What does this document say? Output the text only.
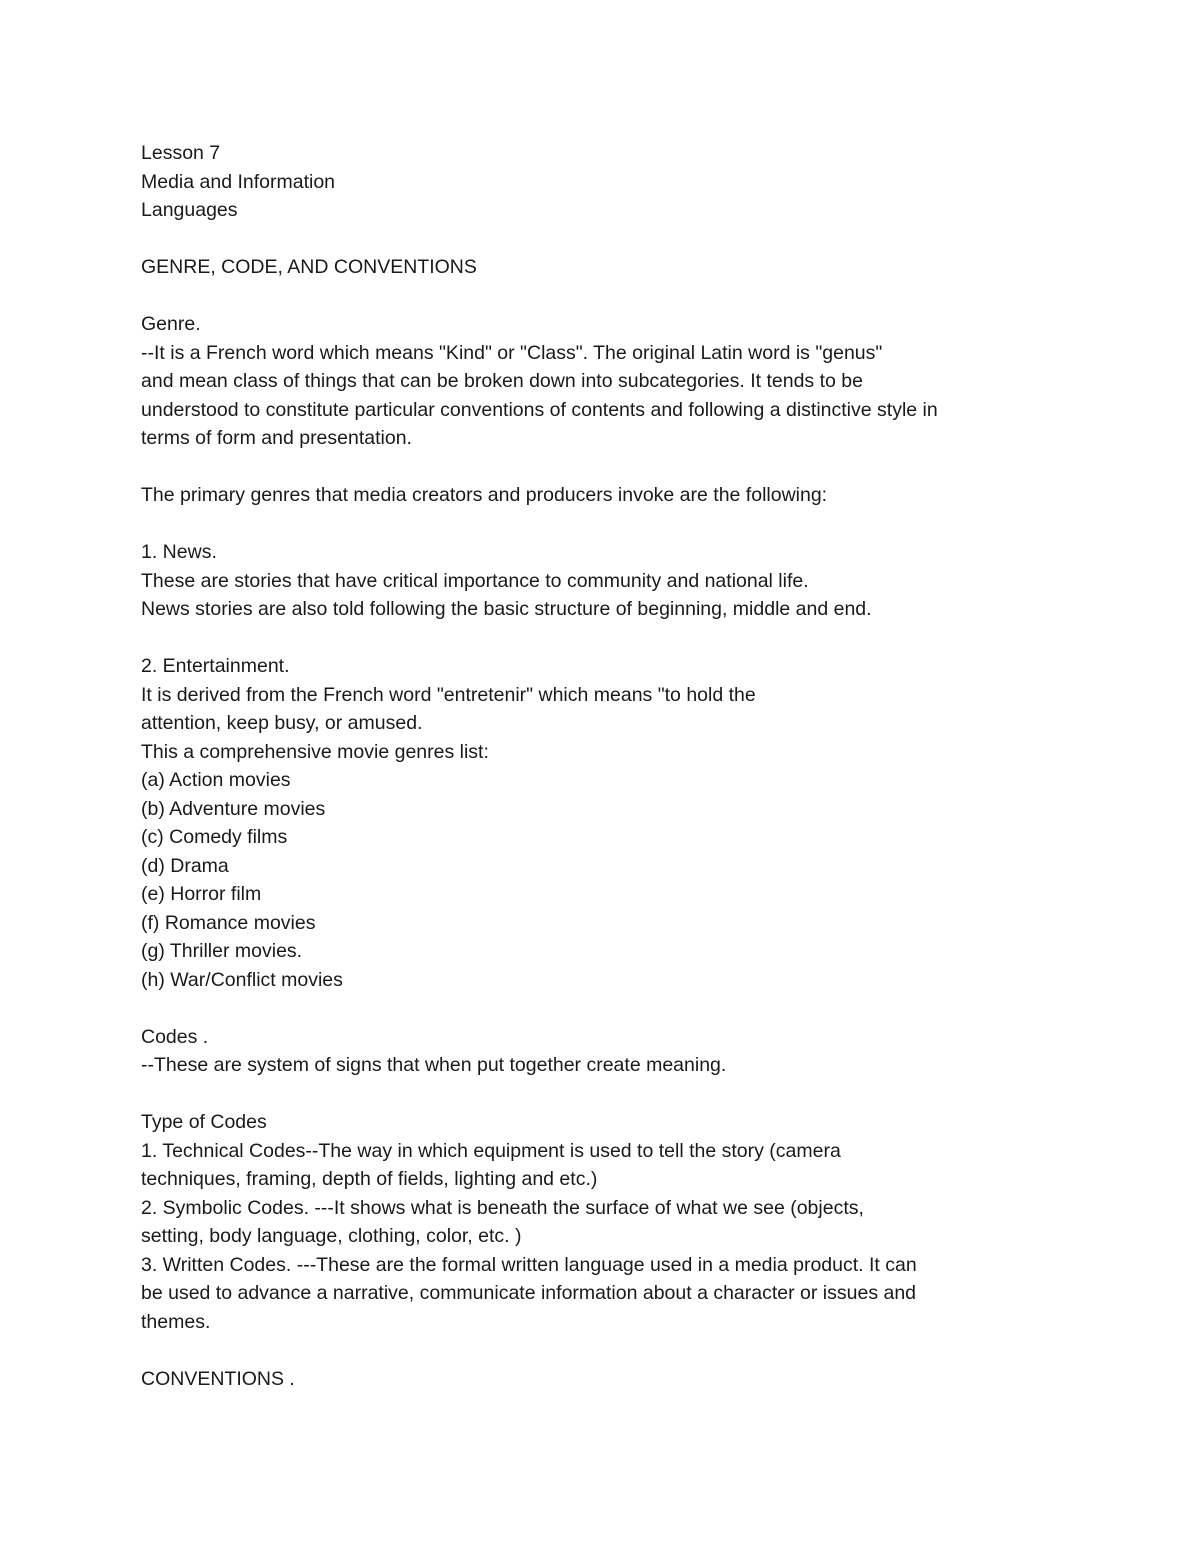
Lesson 7
Media and Information
Languages
GENRE, CODE, AND CONVENTIONS
Genre.
--It is a French word which means "Kind" or "Class". The original Latin word is "genus"
and mean class of things that can be broken down into subcategories. It tends to be
understood to constitute particular conventions of contents and following a distinctive style in
terms of form and presentation.
The primary genres that media creators and producers invoke are the following:
1. News.
These are stories that have critical importance to community and national life.
News stories are also told following the basic structure of beginning, middle and end.
2. Entertainment.
It is derived from the French word "entretenir" which means "to hold the
attention, keep busy, or amused.
This a comprehensive movie genres list:
(a) Action movies
(b) Adventure movies
(c) Comedy films
(d) Drama
(e) Horror film
(f) Romance movies
(g) Thriller movies.
(h) War/Conflict movies
Codes .
--These are system of signs that when put together create meaning.
Type of Codes
1. Technical Codes--The way in which equipment is used to tell the story (camera
techniques, framing, depth of fields, lighting and etc.)
2. Symbolic Codes. ---It shows what is beneath the surface of what we see (objects,
setting, body language, clothing, color, etc. )
3. Written Codes. ---These are the formal written language used in a media product. It can
be used to advance a narrative, communicate information about a character or issues and
themes.
CONVENTIONS .
